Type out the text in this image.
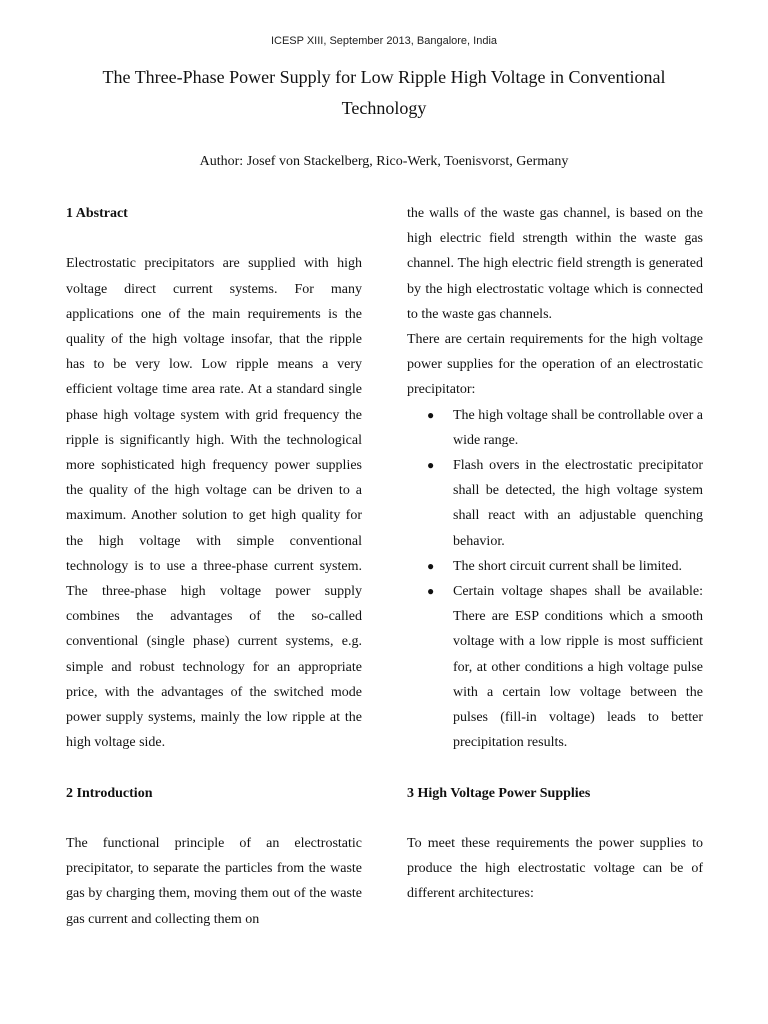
ICESP XIII, September 2013, Bangalore, India
The Three-Phase Power Supply for Low Ripple High Voltage in Conventional Technology
Author: Josef von Stackelberg, Rico-Werk, Toenisvorst, Germany

1 Abstract

Electrostatic precipitators are supplied with high voltage direct current systems. For many applications one of the main requirements is the quality of the high voltage insofar, that the ripple has to be very low. Low ripple means a very efficient voltage time area rate. At a standard single phase high voltage system with grid frequency the ripple is significantly high. With the technological more sophisticated high frequency power supplies the quality of the high voltage can be driven to a maximum. Another solution to get high quality for the high voltage with simple conventional technology is to use a three-phase current system. The three-phase high voltage power supply combines the advantages of the so-called conventional (single phase) current systems, e.g. simple and robust technology for an appropriate price, with the advantages of the switched mode power supply systems, mainly the low ripple at the high voltage side.

2 Introduction

The functional principle of an electrostatic precipitator, to separate the particles from the waste gas by charging them, moving them out of the waste gas current and collecting them on

the walls of the waste gas channel, is based on the high electric field strength within the waste gas channel. The high electric field strength is generated by the high electrostatic voltage which is connected to the waste gas channels.

There are certain requirements for the high voltage power supplies for the operation of an electrostatic precipitator:

● The high voltage shall be controllable over a wide range.
● Flash overs in the electrostatic precipitator shall be detected, the high voltage system shall react with an adjustable quenching behavior.
● The short circuit current shall be limited.
● Certain voltage shapes shall be available: There are ESP conditions which a smooth voltage with a low ripple is most sufficient for, at other conditions a high voltage pulse with a certain low voltage between the pulses (fill-in voltage) leads to better precipitation results.

3 High Voltage Power Supplies

To meet these requirements the power supplies to produce the high electrostatic voltage can be of different architectures:
